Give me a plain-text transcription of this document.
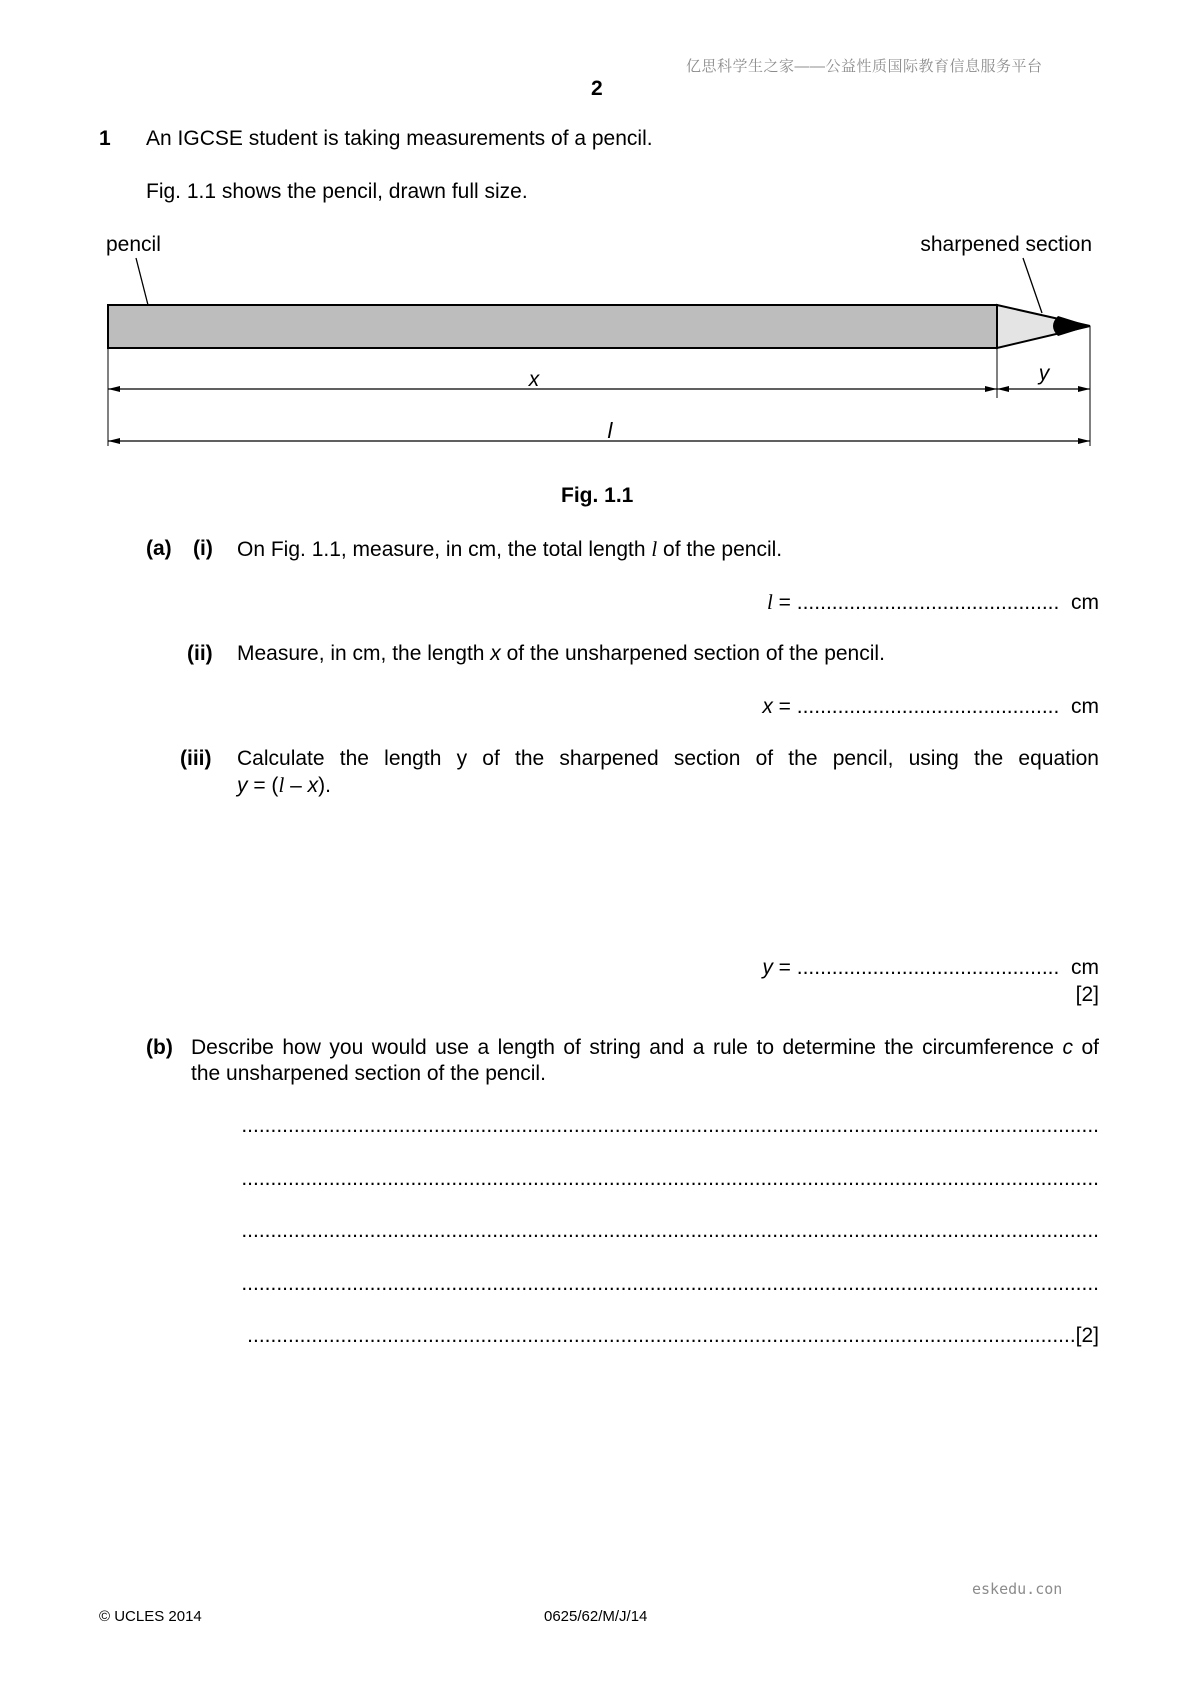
亿思科学生之家——公益性质国际教育信息服务平台
2
1 An IGCSE student is taking measurements of a pencil.
Fig. 1.1 shows the pencil, drawn full size.
pencil	sharpened section
x	y
l
Fig. 1.1
(a) (i) On Fig. 1.1, measure, in cm, the total length l of the pencil.
l = ............................................. cm
(ii) Measure, in cm, the length x of the unsharpened section of the pencil.
x = ............................................. cm
(iii) Calculate the length y of the sharpened section of the pencil, using the equation
y = (l – x).
y = ............................................. cm
[2]
(b) Describe how you would use a length of string and a rule to determine the circumference c of
the unsharpened section of the pencil.
...................................................................................................................................................
...................................................................................................................................................
...................................................................................................................................................
...................................................................................................................................................
..............................................................................................................................................[2]
eskedu.con
© UCLES 2014	0625/62/M/J/14
